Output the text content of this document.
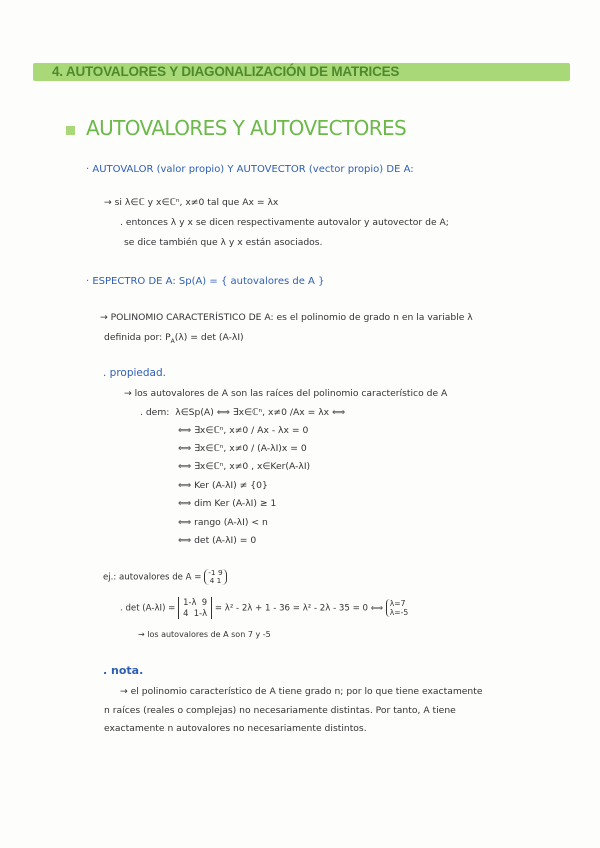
4. AUTOVALORES Y DIAGONALIZACIÓN DE MATRICES
AUTOVALORES Y AUTOVECTORES
· AUTOVALOR (valor propio) Y AUTOVECTOR (vector propio) DE A:
→ si λ∈ℂ y x∈ℂⁿ, x≠0 tal que Ax = λx
. entonces λ y x se dicen respectivamente autovalor y autovector de A;
se dice también que λ y x están asociados.
· ESPECTRO DE A: Sp(A) = { autovalores de A }
→ POLINOMIO CARACTERÍSTICO DE A: es el polinomio de grado n en la variable λ
definida por: $P_A(\lambda) = \det (A-\lambda I)$
. propiedad.
→ los autovalores de A son las raíces del polinomio característico de A
. dem: λ∈Sp(A) ⟺ ∃x∈ℂⁿ, x≠0 /Ax = λx ⟺
⟺ ∃x∈ℂⁿ, x≠0 / Ax - λx = 0
⟺ ∃x∈ℂⁿ, x≠0 / (A-λI)x = 0
⟺ ∃x∈ℂⁿ, x≠0 , x∈Ker(A-λI)
⟺ Ker (A-λI) ≠ {0}
⟺ dim Ker (A-λI) ≥ 1
⟺ rango (A-λI) < n
⟺ det (A-λI) = 0
ej.: autovalores de A = -1 9
4 1
. det (A-λI) =
1-λ 9
4 1-λ = λ² - 2λ + 1 - 36 = λ² - 2λ - 35 = 0 ⟺ λ=7
λ=-5
→ los autovalores de A son 7 y -5
. nota.
→ el polinomio característico de A tiene grado n; por lo que tiene exactamente
n raíces (reales o complejas) no necesariamente distintas. Por tanto, A tiene
exactamente n autovalores no necesariamente distintos.
